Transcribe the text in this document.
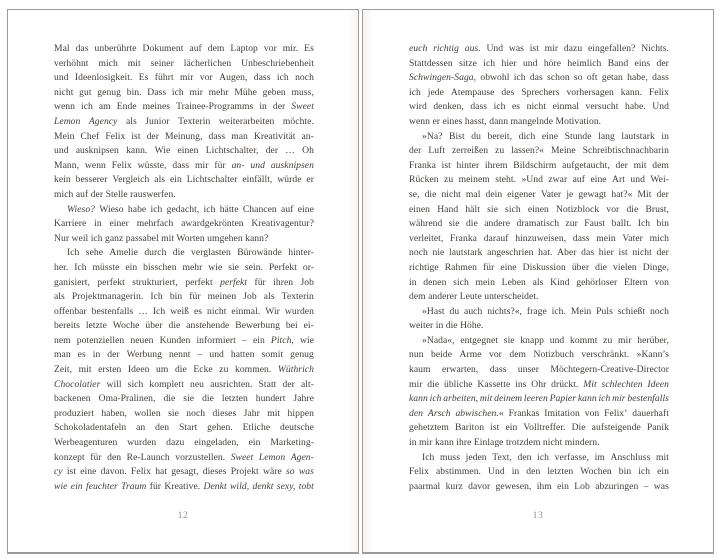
Mal das unberührte Dokument auf dem Laptop vor mir. Es
verhöhnt mich mit seiner lächerlichen Unbeschriebenheit
und Ideenlosigkeit. Es führt mir vor Augen, dass ich noch
nicht gut genug bin. Dass ich mir mehr Mühe geben muss,
wenn ich am Ende meines Trainee-Programms in der Sweet
Lemon Agency als Junior Texterin weiterarbeiten möchte.
Mein Chef Felix ist der Meinung, dass man Kreativität an-
und ausknipsen kann. Wie einen Lichtschalter, der … Oh
Mann, wenn Felix wüsste, dass mir für an- und ausknipsen
kein besserer Vergleich als ein Lichtschalter einfällt, würde er
mich auf der Stelle rauswerfen.
Wieso? Wieso habe ich gedacht, ich hätte Chancen auf eine
Karriere in einer mehrfach awardgekrönten Kreativagentur?
Nur weil ich ganz passabel mit Worten umgehen kann?
Ich sehe Amelie durch die verglasten Bürowände hinter-
her. Ich müsste ein bisschen mehr wie sie sein. Perfekt or-
ganisiert, perfekt strukturiert, perfekt perfekt für ihren Job
als Projektmanagerin. Ich bin für meinen Job als Texterin
offenbar bestenfalls … Ich weiß es nicht einmal. Wir wurden
bereits letzte Woche über die anstehende Bewerbung bei ei-
nem potenziellen neuen Kunden informiert – ein Pitch, wie
man es in der Werbung nennt – und hatten somit genug
Zeit, mit ersten Ideen um die Ecke zu kommen. Wüthrich
Chocolatier will sich komplett neu ausrichten. Statt der alt-
backenen Oma-Pralinen, die sie die letzten hundert Jahre
produziert haben, wollen sie noch dieses Jahr mit hippen
Schokoladentafeln an den Start gehen. Etliche deutsche
Werbeagenturen wurden dazu eingeladen, ein Marketing-
konzept für den Re-Launch vorzustellen. Sweet Lemon Agen-
cy ist eine davon. Felix hat gesagt, dieses Projekt wäre so was
wie ein feuchter Traum für Kreative. Denkt wild, denkt sexy, tobt
12
euch richtig aus. Und was ist mir dazu eingefallen? Nichts.
Stattdessen sitze ich hier und höre heimlich Band eins der
Schwingen-Saga, obwohl ich das schon so oft getan habe, dass
ich jede Atempause des Sprechers vorhersagen kann. Felix
wird denken, dass ich es nicht einmal versucht habe. Und
wenn er eines hasst, dann mangelnde Motivation.
»Na? Bist du bereit, dich eine Stunde lang lautstark in
der Luft zerreißen zu lassen?« Meine Schreibtischnachbarin
Franka ist hinter ihrem Bildschirm aufgetaucht, der mit dem
Rücken zu meinem steht. »Und zwar auf eine Art und Wei-
se, die nicht mal dein eigener Vater je gewagt hat?« Mit der
einen Hand hält sie sich einen Notizblock vor die Brust,
während sie die andere dramatisch zur Faust ballt. Ich bin
verleitet, Franka darauf hinzuweisen, dass mein Vater mich
noch nie lautstark angeschrien hat. Aber das hier ist nicht der
richtige Rahmen für eine Diskussion über die vielen Dinge,
in denen sich mein Leben als Kind gehörloser Eltern von
dem anderer Leute unterscheidet.
»Hast du auch nichts?«, frage ich. Mein Puls schießt noch
weiter in die Höhe.
»Nada«, entgegnet sie knapp und kommt zu mir herüber,
nun beide Arme vor dem Notizbuch verschränkt. »Kann’s
kaum erwarten, dass unser Möchtegern-Creative-Director
mir die übliche Kassette ins Ohr drückt. Mit schlechten Ideen
kann ich arbeiten, mit deinem leeren Papier kann ich mir bestenfalls
den Arsch abwischen.« Frankas Imitation von Felix’ dauerhaft
gehetztem Bariton ist ein Volltreffer. Die aufsteigende Panik
in mir kann ihre Einlage trotzdem nicht mindern.
Ich muss jeden Text, den ich verfasse, im Anschluss mit
Felix abstimmen. Und in den letzten Wochen bin ich ein
paarmal kurz davor gewesen, ihm ein Lob abzuringen – was
13
